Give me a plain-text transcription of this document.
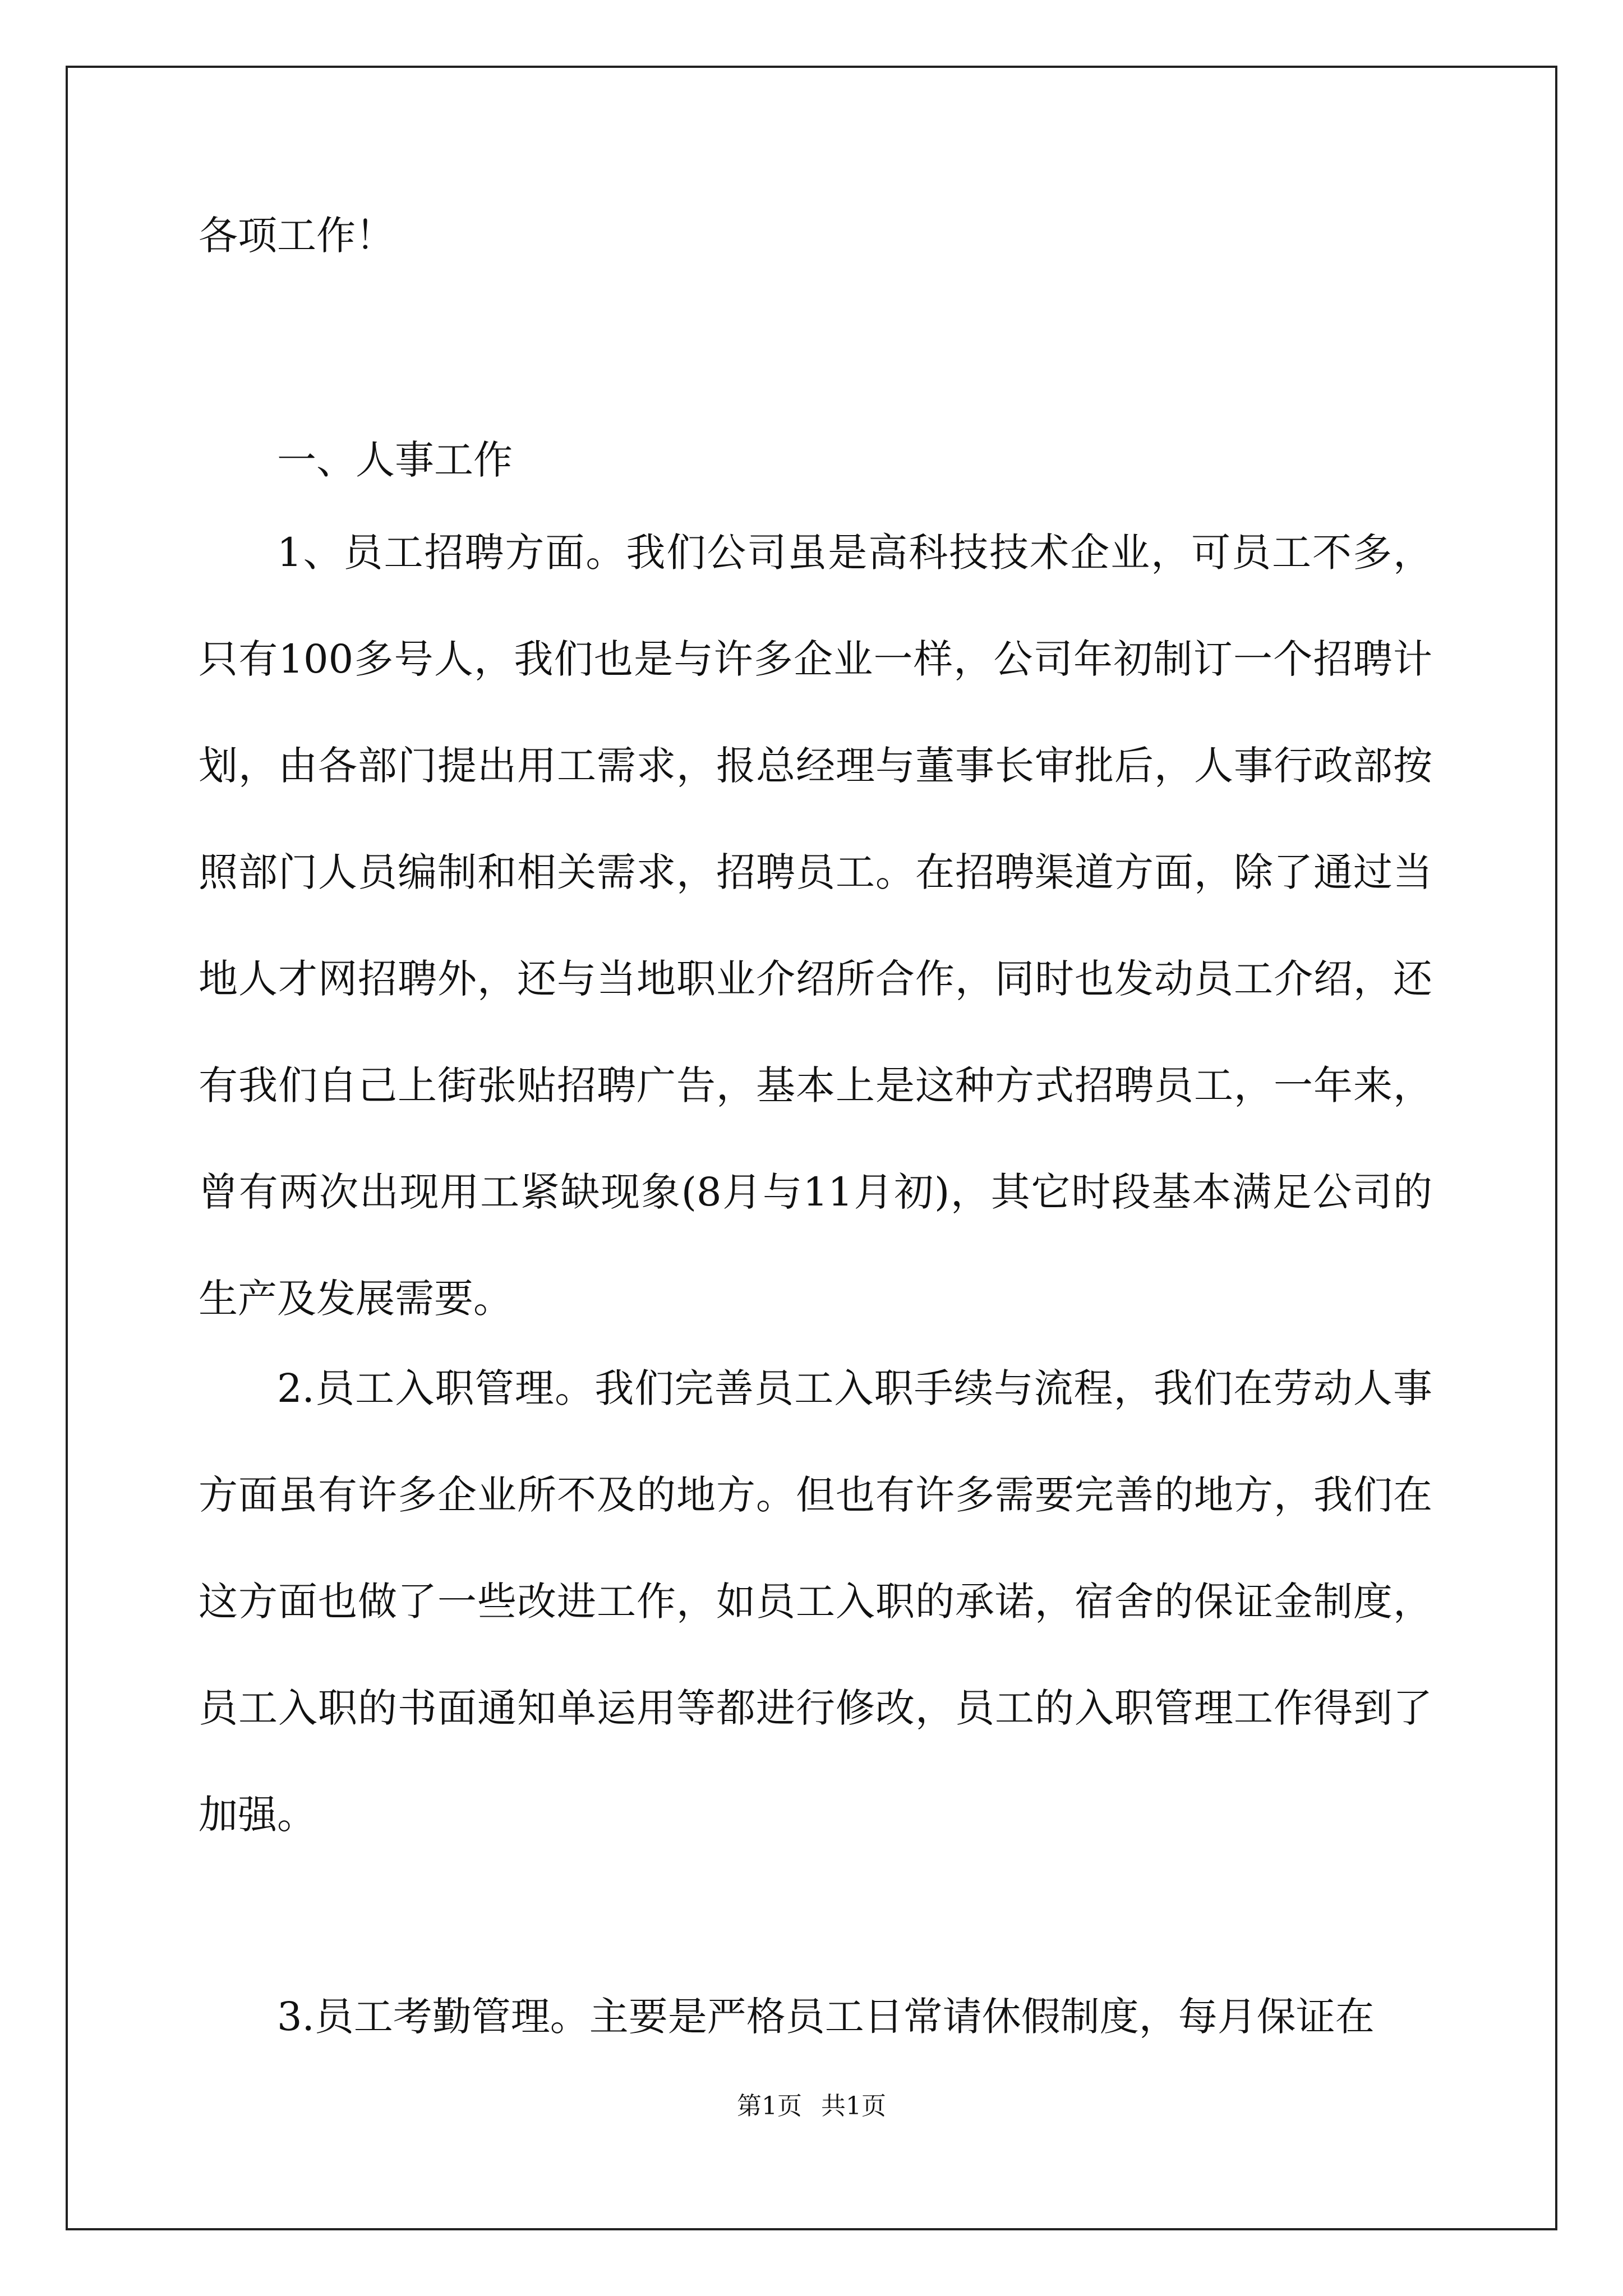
各项工作！
一、人事工作

1、员工招聘方面。我们公司虽是高科技技术企业，可员工不多，只有100多号人，我们也是与许多企业一样，公司年初制订一个招聘计划，由各部门提出用工需求，报总经理与董事长审批后，人事行政部按照部门人员编制和相关需求，招聘员工。在招聘渠道方面，除了通过当地人才网招聘外，还与当地职业介绍所合作，同时也发动员工介绍，还有我们自己上街张贴招聘广告，基本上是这种方式招聘员工，一年来，曾有两次出现用工紧缺现象(8月与11月初)，其它时段基本满足公司的生产及发展需要。

2.员工入职管理。我们完善员工入职手续与流程，我们在劳动人事方面虽有许多企业所不及的地方。但也有许多需要完善的地方，我们在这方面也做了一些改进工作，如员工入职的承诺，宿舍的保证金制度，员工入职的书面通知单运用等都进行修改，员工的入职管理工作得到了加强。

3.员工考勤管理。主要是严格员工日常请休假制度，每月保证在

第1页 共1页
